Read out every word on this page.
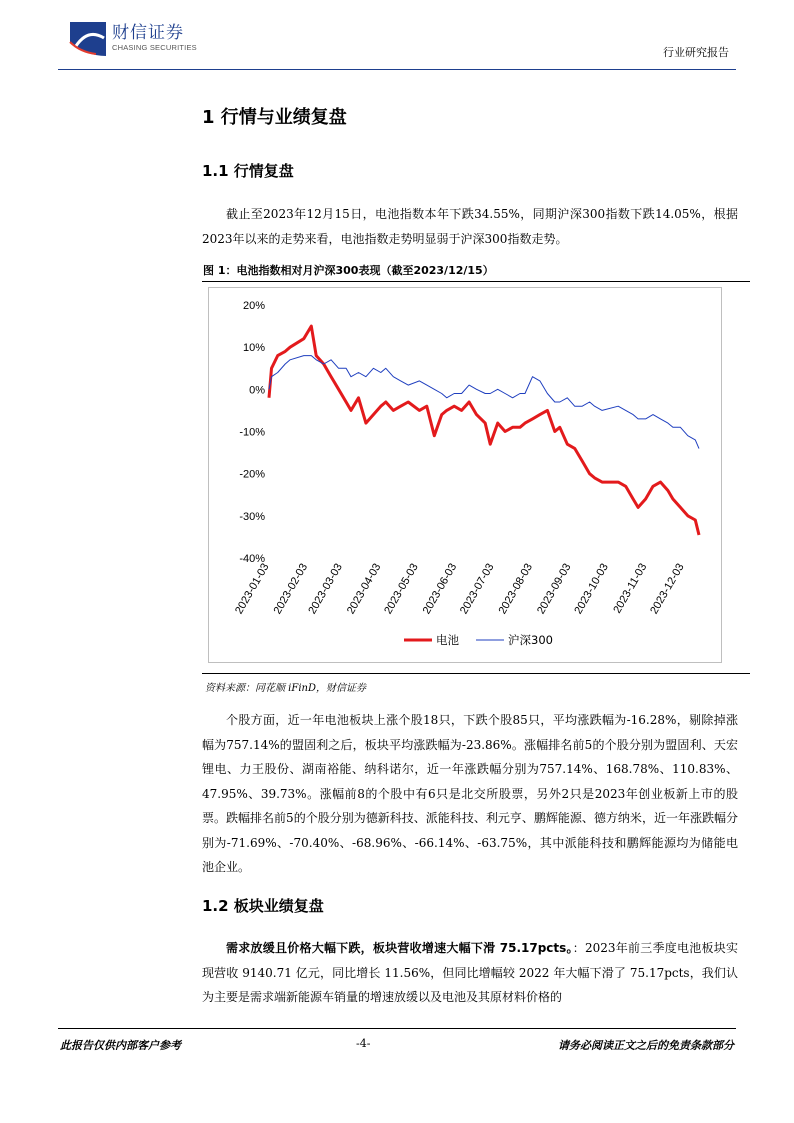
财信证券
CHASING SECURITIES	行业研究报告
1 行情与业绩复盘
1.1 行情复盘
截止至2023年12月15日，电池指数本年下跌34.55%，同期沪深300指数下跌14.05%，根据2023年以来的走势来看，电池指数走势明显弱于沪深300指数走势。
图 1：电池指数相对月沪深300表现（截至2023/12/15）
20%
10%
0%
-10%
-20%
-30%
-40%
2023-01-03 2023-02-03
2023-03-03 2023-04-03
2023-05-03 2023-06-03
2023-07-03 2023-08-03 2023-09-03
2023-10-03 2023-11-03
2023-12-03
电池	沪深300
资料来源：同花顺 iFinD，财信证券
个股方面，近一年电池板块上涨个股18只，下跌个股85只，平均涨跌幅为-16.28%，剔除掉涨幅为757.14%的盟固利之后，板块平均涨跌幅为-23.86%。涨幅排名前5的个股分别为盟固利、天宏锂电、力王股份、湖南裕能、纳科诺尔，近一年涨跌幅分别为757.14%、168.78%、110.83%、47.95%、39.73%。涨幅前8的个股中有6只是北交所股票，另外2只是2023年创业板新上市的股票。跌幅排名前5的个股分别为德新科技、派能科技、利元亨、鹏辉能源、德方纳米，近一年涨跌幅分别为-71.69%、-70.40%、-68.96%、-66.14%、-63.75%，其中派能科技和鹏辉能源均为储能电池企业。
1.2 板块业绩复盘
需求放缓且价格大幅下跌，板块营收增速大幅下滑 75.17pcts。：2023年前三季度电池板块实现营收 9140.71 亿元，同比增长 11.56%，但同比增幅较 2022 年大幅下滑了 75.17pcts，我们认为主要是需求端新能源车销量的增速放缓以及电池及其原材料价格的
此报告仅供内部客户参考	-4-	请务必阅读正文之后的免责条款部分
